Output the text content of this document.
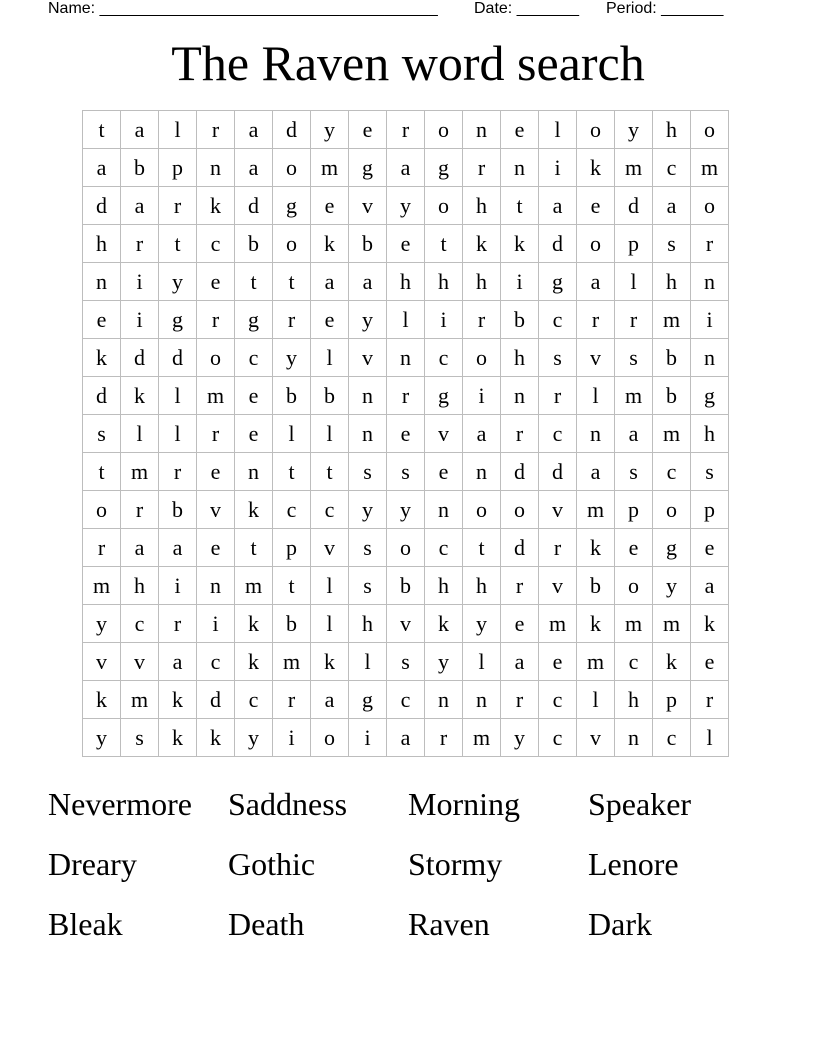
Name: ______________________________________ Date: _______ Period: _______
The Raven word search
t	a	l	r	a	d	y	e	r	o	n	e	l	o	y	h	o
a	b	p	n	a	o	m	g	a	g	r	n	i	k	m	c	m
d	a	r	k	d	g	e	v	y	o	h	t	a	e	d	a	o
h	r	t	c	b	o	k	b	e	t	k	k	d	o	p	s	r
n	i	y	e	t	t	a	a	h	h	h	i	g	a	l	h	n
e	i	g	r	g	r	e	y	l	i	r	b	c	r	r	m	i
k	d	d	o	c	y	l	v	n	c	o	h	s	v	s	b	n
d	k	l	m	e	b	b	n	r	g	i	n	r	l	m	b	g
s	l	l	r	e	l	l	n	e	v	a	r	c	n	a	m	h
t	m	r	e	n	t	t	s	s	e	n	d	d	a	s	c	s
o	r	b	v	k	c	c	y	y	n	o	o	v	m	p	o	p
r	a	a	e	t	p	v	s	o	c	t	d	r	k	e	g	e
m	h	i	n	m	t	l	s	b	h	h	r	v	b	o	y	a
y	c	r	i	k	b	l	h	v	k	y	e	m	k	m	m	k
v	v	a	c	k	m	k	l	s	y	l	a	e	m	c	k	e
k	m	k	d	c	r	a	g	c	n	n	r	c	l	h	p	r
y	s	k	k	y	i	o	i	a	r	m	y	c	v	n	c	l
Nevermore	Saddness	Morning	Speaker
Dreary	Gothic	Stormy	Lenore
Bleak	Death	Raven	Dark
